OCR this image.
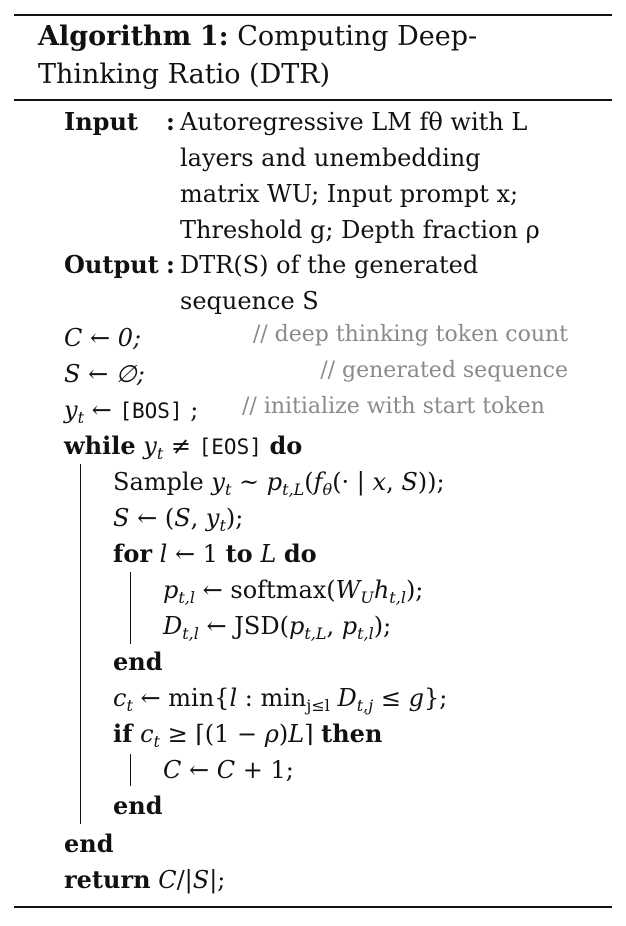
Algorithm 1: Computing Deep-
Thinking Ratio (DTR)
Input : Autoregressive LM fθ with L
layers and unembedding
matrix WU; Input prompt x;
Threshold g; Depth fraction ρ
Output : DTR(S) of the generated
sequence S
C ← 0;	// deep thinking token count
S ← ∅;	// generated sequence
$y_t$ ← [BOS] ; // initialize with start token
while $y_t \ne [EOS]$ do
Sample $y_t$ ~ $p_{t,L}(f_\theta(\cdot$ | x, S));
S ← (S, $y_t$);
for l ← 1 to L do
$p_{t,l}$ ← $softmax(W_Uh_{t,l})$;
$D_{t,l}$ ← $JSD(p_{t,L}$, $p_{t,l}$);
end
$c_t$ ← min{l : $\min_{j\le l} D_{t,j} \le g$};
if $c_t$ ≥ ⌈(1 − ρ)L⌉ then
C ← C + 1;
end
end
return C/|S|;
